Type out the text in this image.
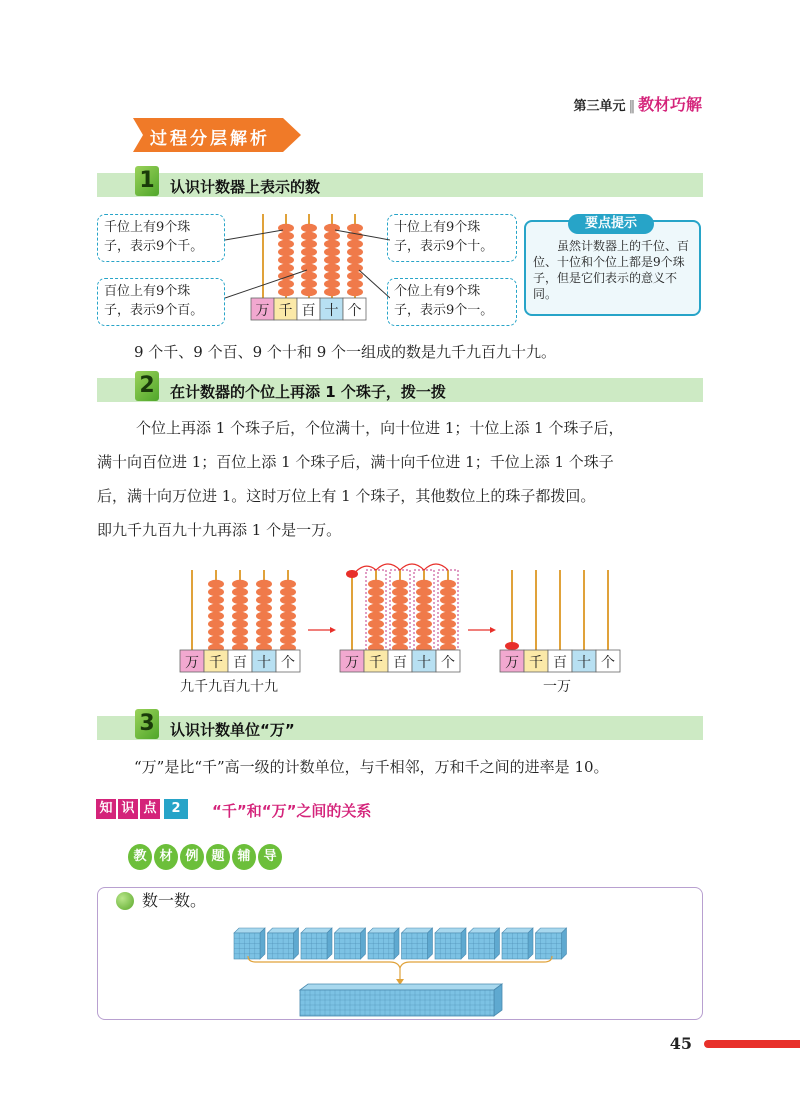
第三单元 ‖ 教材巧解
过程分层解析
1 认识计数器上表示的数
千位上有9个珠
子，表示9个千。
百位上有9个珠
子，表示9个百。
十位上有9个珠
子，表示9个十。
个位上有9个珠
子，表示9个一。
万 千 百 十 个
要点提示
虽然计数器上的千位、百位、十位和个位上都是9个珠子，但是它们表示的意义不同。
9 个千、9 个百、9 个十和 9 个一组成的数是九千九百九十九。
2 在计数器的个位上再添 1 个珠子，拨一拨
个位上再添 1 个珠子后，个位满十，向十位进 1；十位上添 1 个珠子后，
满十向百位进 1；百位上添 1 个珠子后，满十向千位进 1；千位上添 1 个珠子
后，满十向万位进 1。这时万位上有 1 个珠子，其他数位上的珠子都拨回。
即九千九百九十九再添 1 个是一万。
万 千 百 十 个	万 千 百 十 个	万 千 百 十 个
九千九百九十九	一万
3 认识计数单位“万”
“万”是比“千”高一级的计数单位，与千相邻，万和千之间的进率是 10。
知 识 点	2	“千”和“万”之间的关系
教 材 例 题 辅 导
数一数。
45
